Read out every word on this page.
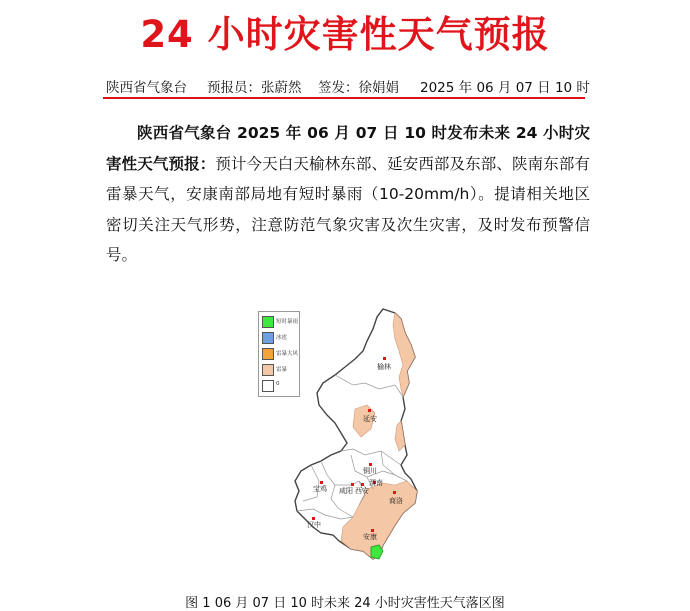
24 小时灾害性天气预报
陕西省气象台 预报员：张蔚然 签发：徐娟娟 2025 年 06 月 07 日 10 时
陕西省气象台 2025 年 06 月 07 日 10 时发布未来 24 小时灾害性天气预报：预计今天白天榆林东部、延安西部及东部、陕南东部有雷暴天气，安康南部局地有短时暴雨（10-20mm/h）。提请相关地区密切关注天气形势，注意防范气象灾害及次生灾害，及时发布预警信号。
榆林
延安
铜川
宝鸡 咸阳 西安
渭南
商洛
汉中
安康
短时暴雨
冰雹
雷暴大风
雷暴
0
图 1 06 月 07 日 10 时未来 24 小时灾害性天气落区图
